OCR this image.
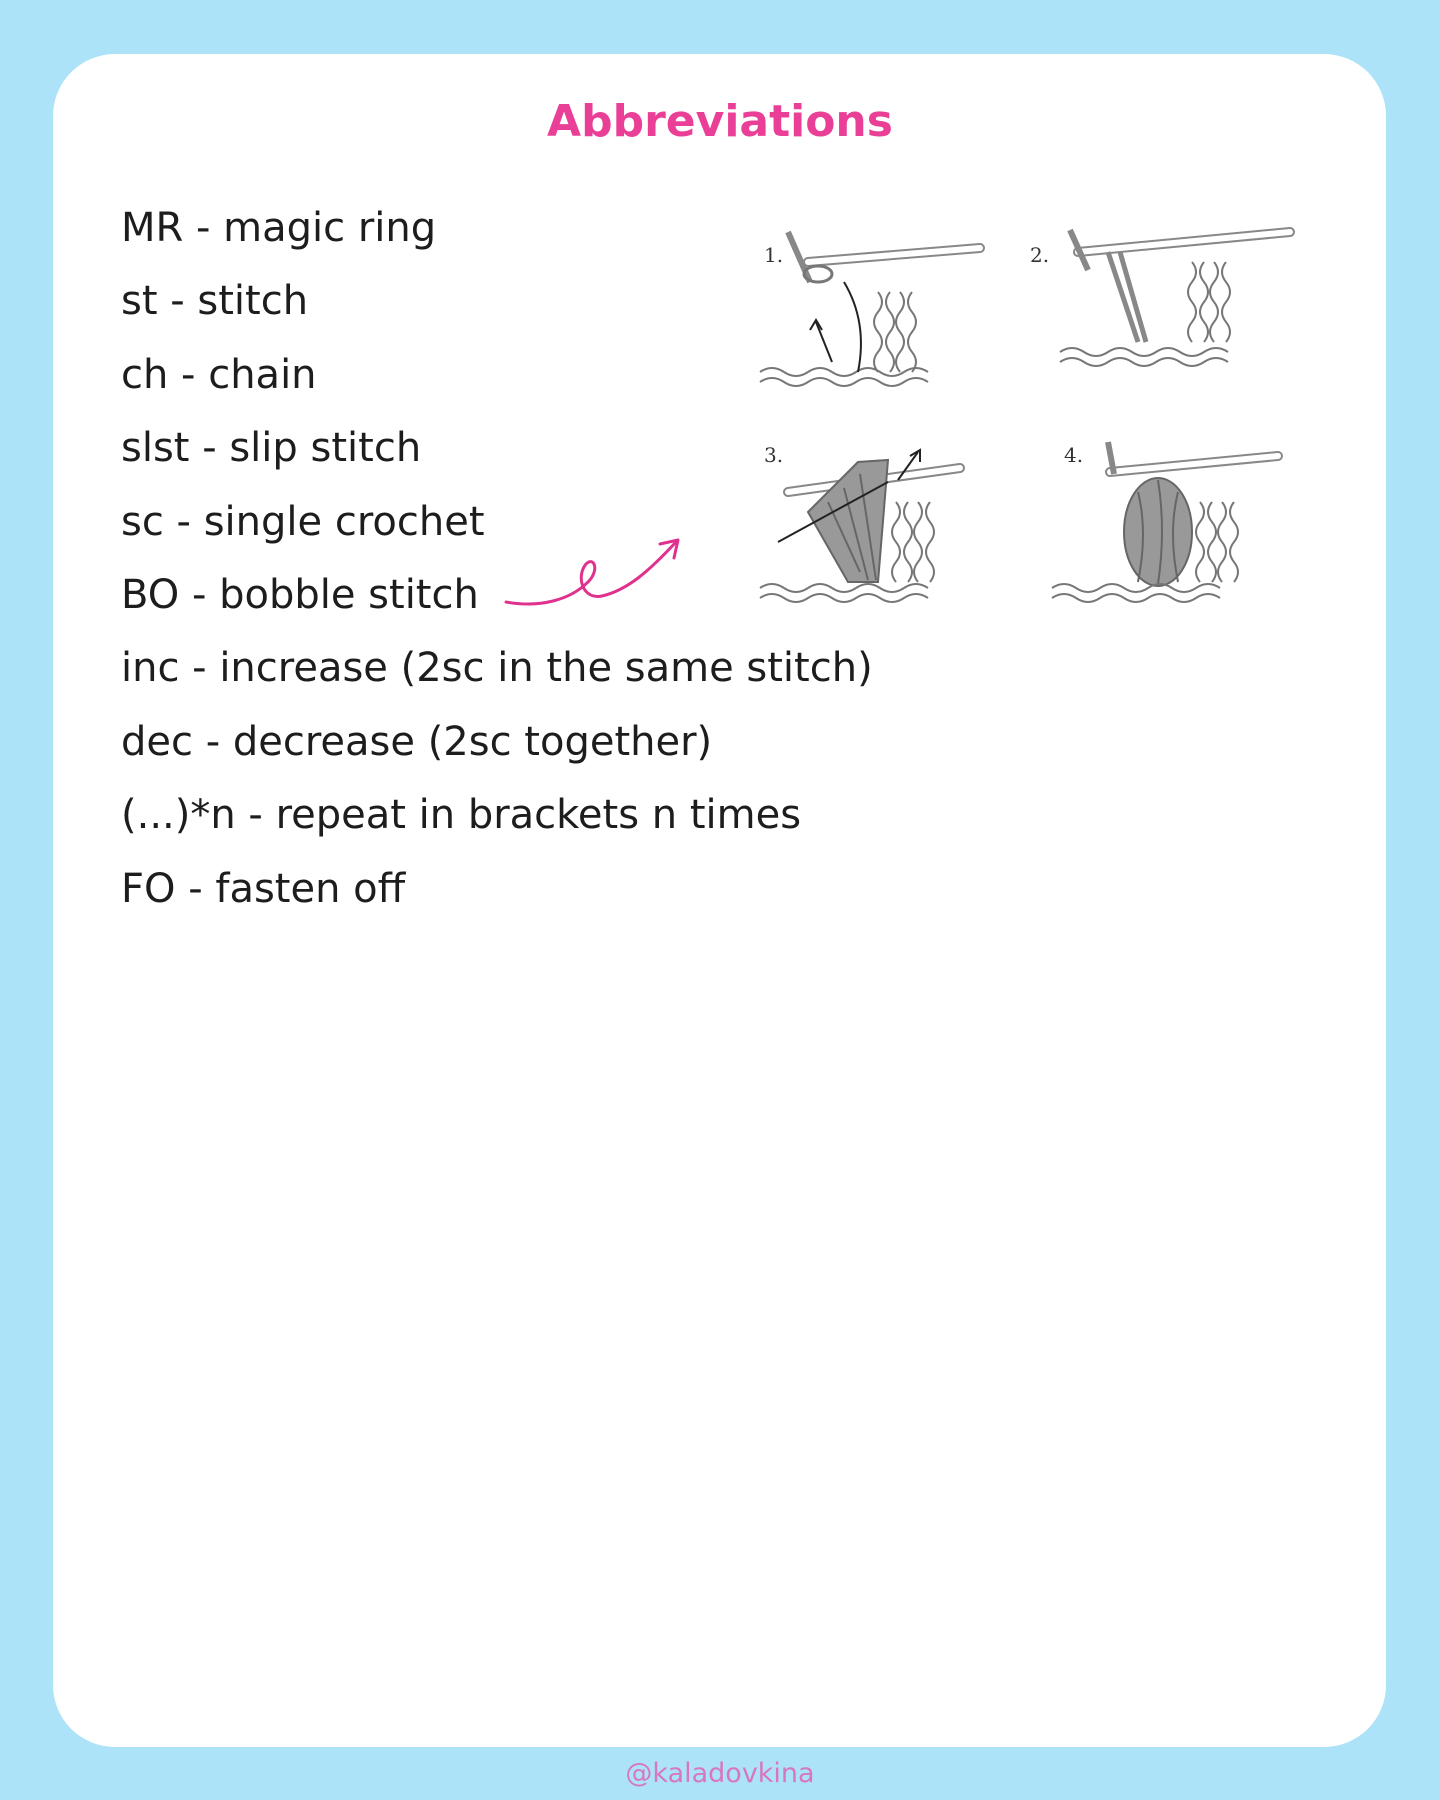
Abbreviations
MR - magic ring
st - stitch
ch - chain
slst - slip stitch
sc - single crochet
BO - bobble stitch
inc - increase (2sc in the same stitch)
dec - decrease (2sc together)
(...)*n - repeat in brackets n times
FO - fasten off
1.	2.
3.	4.
@kaladovkina
